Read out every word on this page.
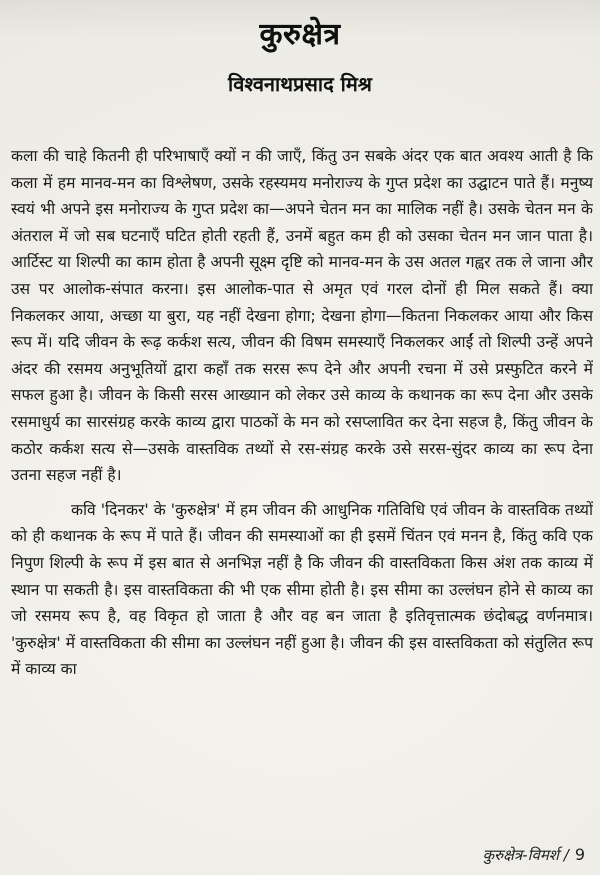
कुरुक्षेत्र
विश्वनाथप्रसाद मिश्र

कला की चाहे कितनी ही परिभाषाएँ क्यों न की जाएँ, किंतु उन सबके अंदर एक बात अवश्य आती है कि कला में हम मानव-मन का विश्लेषण, उसके रहस्यमय मनोराज्य के गुप्त प्रदेश का उद्घाटन पाते हैं। मनुष्य स्वयं भी अपने इस मनोराज्य के गुप्त प्रदेश का—अपने चेतन मन का मालिक नहीं है। उसके चेतन मन के अंतराल में जो सब घटनाएँ घटित होती रहती हैं, उनमें बहुत कम ही को उसका चेतन मन जान पाता है। आर्टिस्ट या शिल्पी का काम होता है अपनी सूक्ष्म दृष्टि को मानव-मन के उस अतल गह्वर तक ले जाना और उस पर आलोक-संपात करना। इस आलोक-पात से अमृत एवं गरल दोनों ही मिल सकते हैं। क्या निकलकर आया, अच्छा या बुरा, यह नहीं देखना होगा; देखना होगा—कितना निकलकर आया और किस रूप में। यदि जीवन के रूढ़ कर्कश सत्य, जीवन की विषम समस्याएँ निकलकर आईं तो शिल्पी उन्हें अपने अंदर की रसमय अनुभूतियों द्वारा कहाँ तक सरस रूप देने और अपनी रचना में उसे प्रस्फुटित करने में सफल हुआ है। जीवन के किसी सरस आख्यान को लेकर उसे काव्य के कथानक का रूप देना और उसके रसमाधुर्य का सारसंग्रह करके काव्य द्वारा पाठकों के मन को रसप्लावित कर देना सहज है, किंतु जीवन के कठोर कर्कश सत्य से—उसके वास्तविक तथ्यों से रस-संग्रह करके उसे सरस-सुंदर काव्य का रूप देना उतना सहज नहीं है।

कवि 'दिनकर' के 'कुरुक्षेत्र' में हम जीवन की आधुनिक गतिविधि एवं जीवन के वास्तविक तथ्यों को ही कथानक के रूप में पाते हैं। जीवन की समस्याओं का ही इसमें चिंतन एवं मनन है, किंतु कवि एक निपुण शिल्पी के रूप में इस बात से अनभिज्ञ नहीं है कि जीवन की वास्तविकता किस अंश तक काव्य में स्थान पा सकती है। इस वास्तविकता की भी एक सीमा होती है। इस सीमा का उल्लंघन होने से काव्य का जो रसमय रूप है, वह विकृत हो जाता है और वह बन जाता है इतिवृत्तात्मक छंदोबद्ध वर्णनमात्र। 'कुरुक्षेत्र' में वास्तविकता की सीमा का उल्लंघन नहीं हुआ है। जीवन की इस वास्तविकता को संतुलित रूप में काव्य का

कुरुक्षेत्र-विमर्श / 9
